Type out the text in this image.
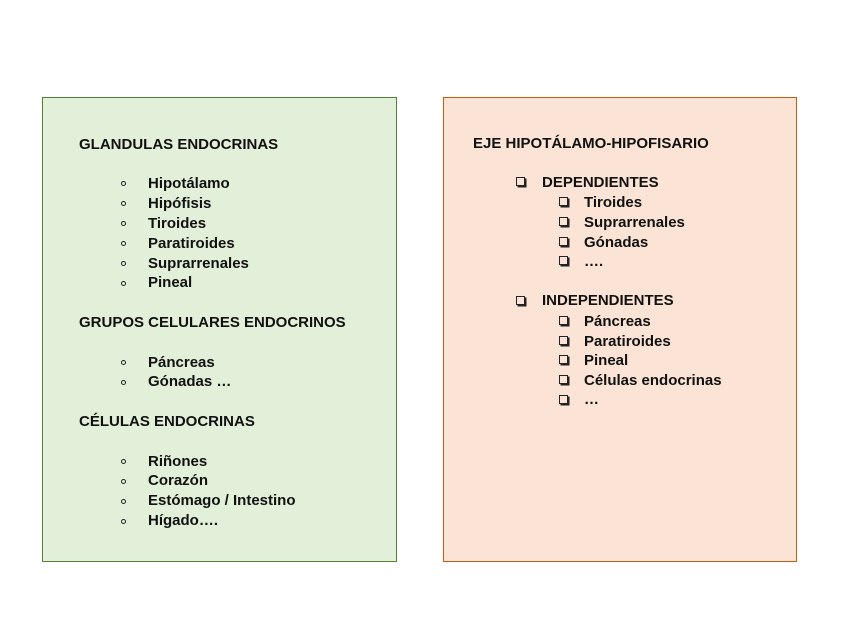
GLANDULAS ENDOCRINAS
Hipotálamo
Hipófisis
Tiroides
Paratiroides
Suprarrenales
Pineal
GRUPOS CELULARES ENDOCRINOS
Páncreas
Gónadas …
CÉLULAS ENDOCRINAS
Riñones
Corazón
Estómago / Intestino
Hígado….
EJE HIPOTÁLAMO-HIPOFISARIO
DEPENDIENTES
Tiroides
Suprarrenales
Gónadas
….
INDEPENDIENTES
Páncreas
Paratiroides
Pineal
Células endocrinas
…
